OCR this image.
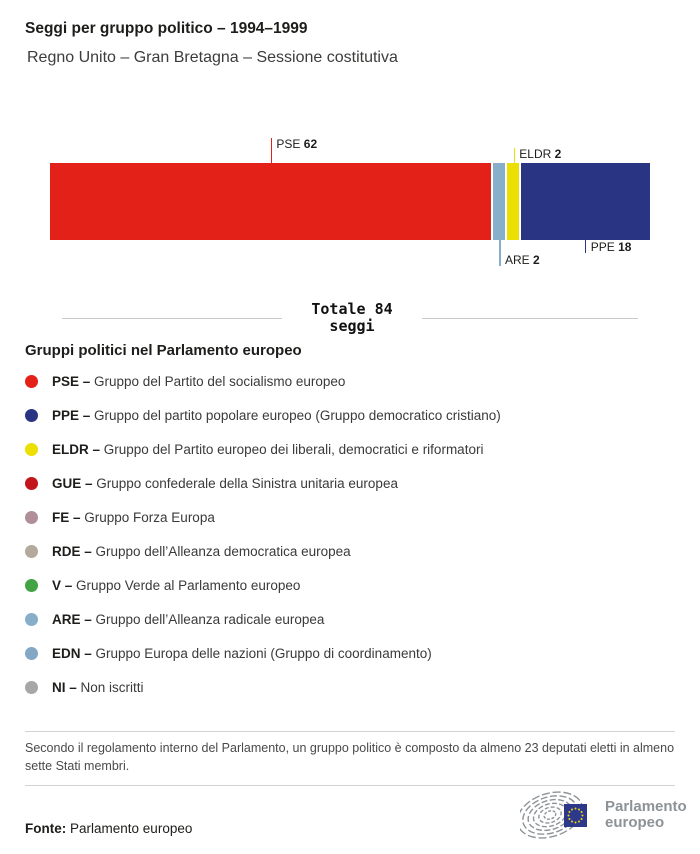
Seggi per gruppo politico – 1994–1999
Regno Unito – Gran Bretagna – Sessione costitutiva
PSE 62
ARE 2
ELDR 2
PPE 18
Totale 84
seggi
Gruppi politici nel Parlamento europeo
PSE – Gruppo del Partito del socialismo europeo
PPE – Gruppo del partito popolare europeo (Gruppo democratico cristiano)
ELDR – Gruppo del Partito europeo dei liberali, democratici e riformatori
GUE – Gruppo confederale della Sinistra unitaria europea
FE – Gruppo Forza Europa
RDE – Gruppo dell’Alleanza democratica europea
V – Gruppo Verde al Parlamento europeo
ARE – Gruppo dell’Alleanza radicale europea
EDN – Gruppo Europa delle nazioni (Gruppo di coordinamento)
NI – Non iscritti
Secondo il regolamento interno del Parlamento, un gruppo politico è composto da almeno 23 deputati eletti in almeno sette Stati membri.
Fonte: Parlamento europeo
Parlamento
europeo
